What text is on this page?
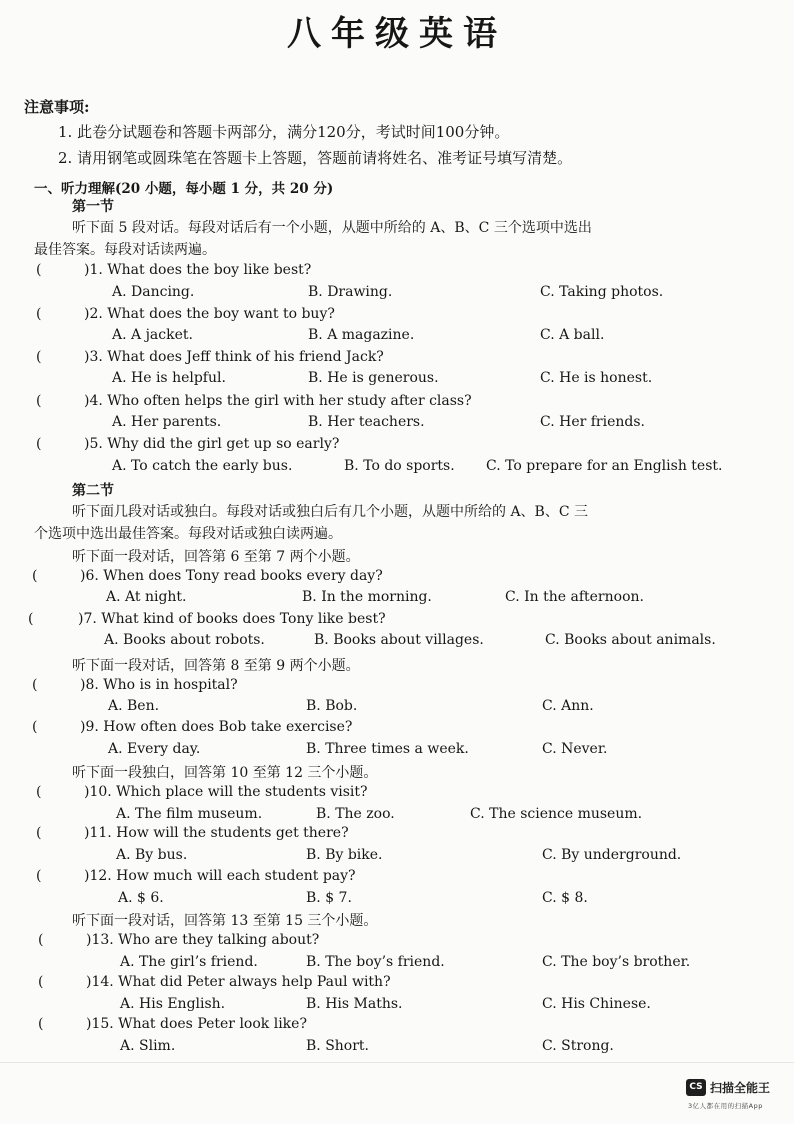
八年级英语
注意事项:
1. 此卷分试题卷和答题卡两部分，满分120分，考试时间100分钟。
2. 请用钢笔或圆珠笔在答题卡上答题，答题前请将姓名、准考证号填写清楚。
一、听力理解(20 小题，每小题 1 分，共 20 分)
第一节
听下面 5 段对话。每段对话后有一个小题，从题中所给的 A、B、C 三个选项中选出
最佳答案。每段对话读两遍。
第二节
听下面几段对话或独白。每段对话或独白后有几个小题，从题中所给的 A、B、C 三
个选项中选出最佳答案。每段对话或独白读两遍。
听下面一段对话，回答第 6 至第 7 两个小题。
听下面一段对话，回答第 8 至第 9 两个小题。
听下面一段独白，回答第 10 至第 12 三个小题。
听下面一段对话，回答第 13 至第 15 三个小题。
(	)1. What does the boy like best?
A. Dancing.	B. Drawing.	C. Taking photos.
(	)2. What does the boy want to buy?
A. A jacket.	B. A magazine.	C. A ball.
(	)3. What does Jeff think of his friend Jack?
A. He is helpful.	B. He is generous.	C. He is honest.
(	)4. Who often helps the girl with her study after class?
A. Her parents.	B. Her teachers.	C. Her friends.
(	)5. Why did the girl get up so early?
A. To catch the early bus.	B. To do sports. C. To prepare for an English test.
(	)6. When does Tony read books every day?
A. At night.	B. In the morning.	C. In the afternoon.
(	)7. What kind of books does Tony like best?
A. Books about robots.	B. Books about villages.	C. Books about animals.
(	)8. Who is in hospital?
A. Ben.	B. Bob.	C. Ann.
(	)9. How often does Bob take exercise?
A. Every day.	B. Three times a week.	C. Never.
(	)10. Which place will the students visit?
A. The film museum.	B. The zoo.	C. The science museum.
(	)11. How will the students get there?
A. By bus.	B. By bike.	C. By underground.
(	)12. How much will each student pay?
A. $ 6.	B. $ 7.	C. $ 8.
(	)13. Who are they talking about?
A. The girl’s friend.	B. The boy’s friend.	C. The boy’s brother.
(	)14. What did Peter always help Paul with?
A. His English.	B. His Maths.	C. His Chinese.
(	)15. What does Peter look like?
A. Slim.	B. Short.	C. Strong.
CS 扫描全能王
3亿人都在用的扫描App
